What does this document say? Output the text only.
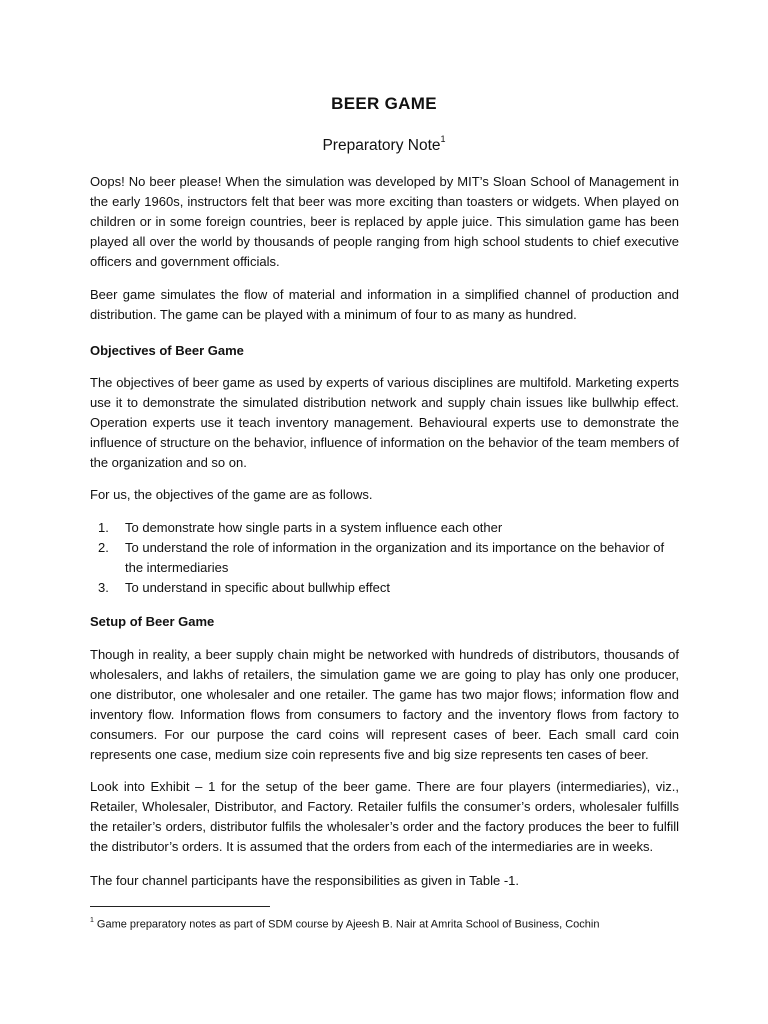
BEER GAME
Preparatory Note$^1$

Oops! No beer please! When the simulation was developed by MIT’s Sloan School of Management in the early 1960s, instructors felt that beer was more exciting than toasters or widgets. When played on children or in some foreign countries, beer is replaced by apple juice. This simulation game has been played all over the world by thousands of people ranging from high school students to chief executive officers and government officials.

Beer game simulates the flow of material and information in a simplified channel of production and distribution. The game can be played with a minimum of four to as many as hundred.

Objectives of Beer Game

The objectives of beer game as used by experts of various disciplines are multifold. Marketing experts use it to demonstrate the simulated distribution network and supply chain issues like bullwhip effect. Operation experts use it teach inventory management. Behavioural experts use to demonstrate the influence of structure on the behavior, influence of information on the behavior of the team members of the organization and so on.

For us, the objectives of the game are as follows.

1. To demonstrate how single parts in a system influence each other
2. To understand the role of information in the organization and its importance on the behavior of the intermediaries
3. To understand in specific about bullwhip effect
Setup of Beer Game

Though in reality, a beer supply chain might be networked with hundreds of distributors, thousands of wholesalers, and lakhs of retailers, the simulation game we are going to play has only one producer, one distributor, one wholesaler and one retailer. The game has two major flows; information flow and inventory flow. Information flows from consumers to factory and the inventory flows from factory to consumers. For our purpose the card coins will represent cases of beer. Each small card coin represents one case, medium size coin represents five and big size represents ten cases of beer.

Look into Exhibit – 1 for the setup of the beer game. There are four players (intermediaries), viz., Retailer, Wholesaler, Distributor, and Factory. Retailer fulfils the consumer’s orders, wholesaler fulfills the retailer’s orders, distributor fulfils the wholesaler’s order and the factory produces the beer to fulfill the distributor’s orders. It is assumed that the orders from each of the intermediaries are in weeks.

The four channel participants have the responsibilities as given in Table -1.

$^1$ Game preparatory notes as part of SDM course by Ajeesh B. Nair at Amrita School of Business, Cochin
